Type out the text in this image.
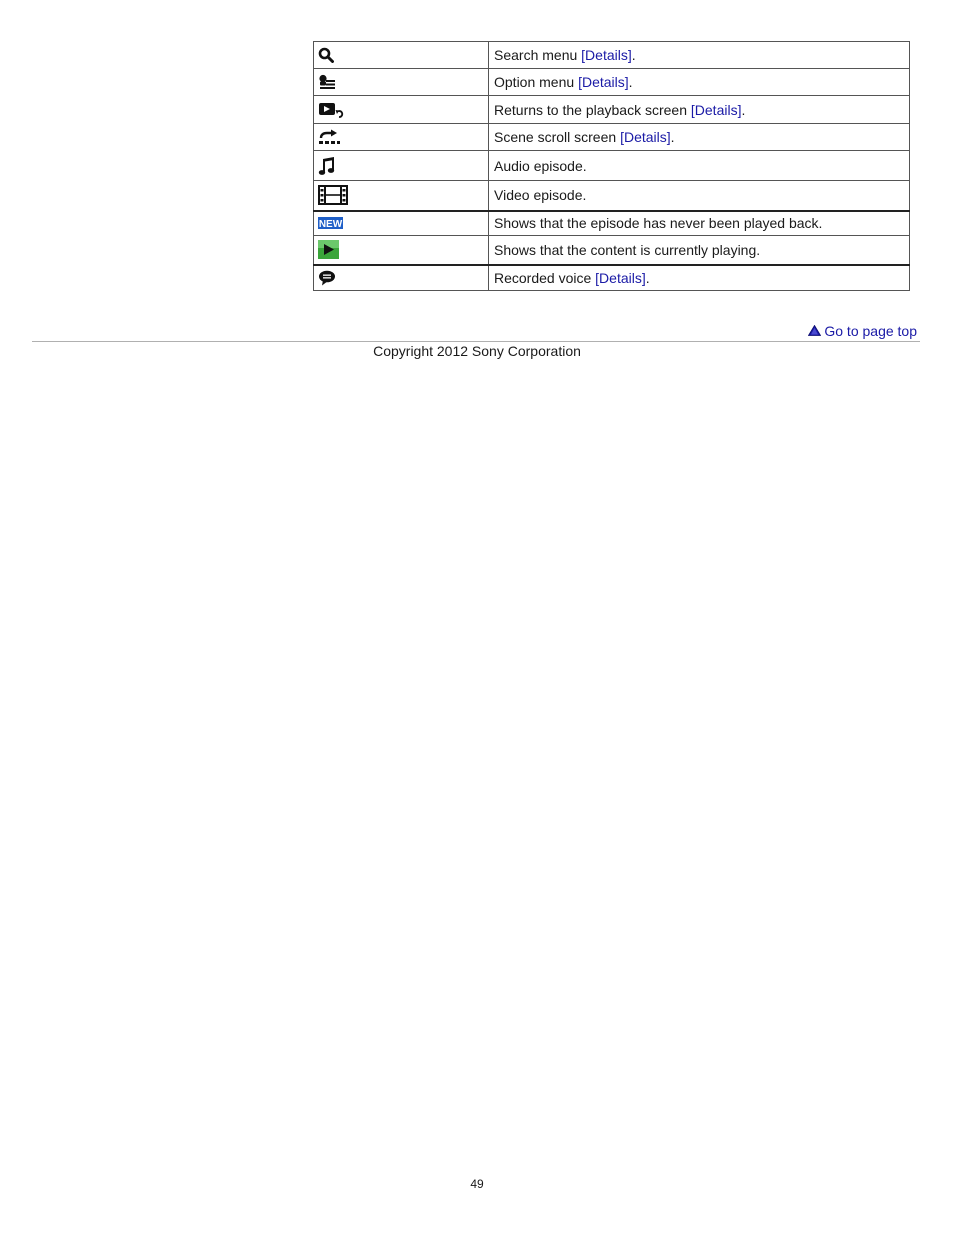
	Search menu [Details].

	Option menu [Details].

	Returns to the playback screen [Details].

	Scene scroll screen [Details].

	Audio episode.

	Video episode.

NEW	Shows that the episode has never been played back.

	Shows that the content is currently playing.

	Recorded voice [Details].
Go to page top
Copyright 2012 Sony Corporation
49
